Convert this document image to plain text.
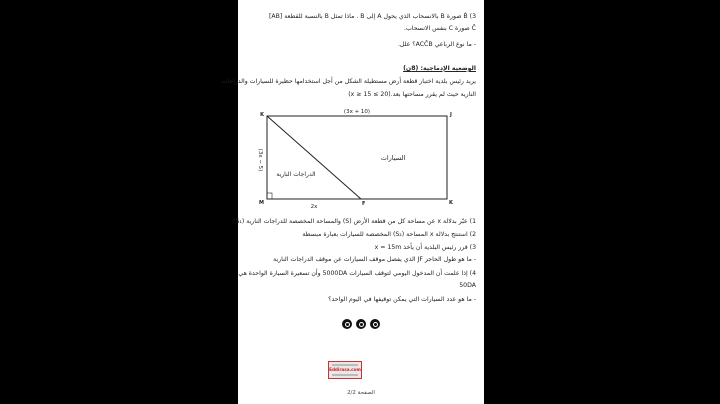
3) B̂ صورة B بالانسحاب الذي يحول A إلى B . ماذا تمثل B بالنسبة للقطعة [AB]
Ĉ صورة C بنفس الانسحاب.
- ما نوع الرباعي ACĈB؟ علل.
الوضعية الإدماجية: (8ن)
يريد رئيس بلدية اختبار قطعة أرض مستطيلة الشكل من أجل استخدامها حظيرة للسيارات والدراجات
النارية حيث لم يقرر مساحتها بعد.(20 ≥ x ≥ 15)
(3x + 10)
(3x − 5)
2x
السيارات
الدراجات النارية
K	J
M	F	K
1) عبّر بدلالة x عن مساحة كل من قطعة الأرض (S) والمساحة المخصصة للدراجات النارية (S₁)
2) استنتج بدلالة x المساحة (S₂) المخصصة للسيارات بعبارة مبسطة
3) قرر رئيس البلدية أن يأخذ x = 15m
- ما هو طول الحاجز JF الذي يفصل موقف السيارات عن موقف الدراجات النارية
4) إذا علمت أن المدخول اليومي لتوقف السيارات 5000DA وأن تسعيرة السيارة الواحدة هي
50DA
- ما هو عدد السيارات التي يمكن توقيفها في اليوم الواحد؟
Eddirasa.com
الصفحة 2/2
